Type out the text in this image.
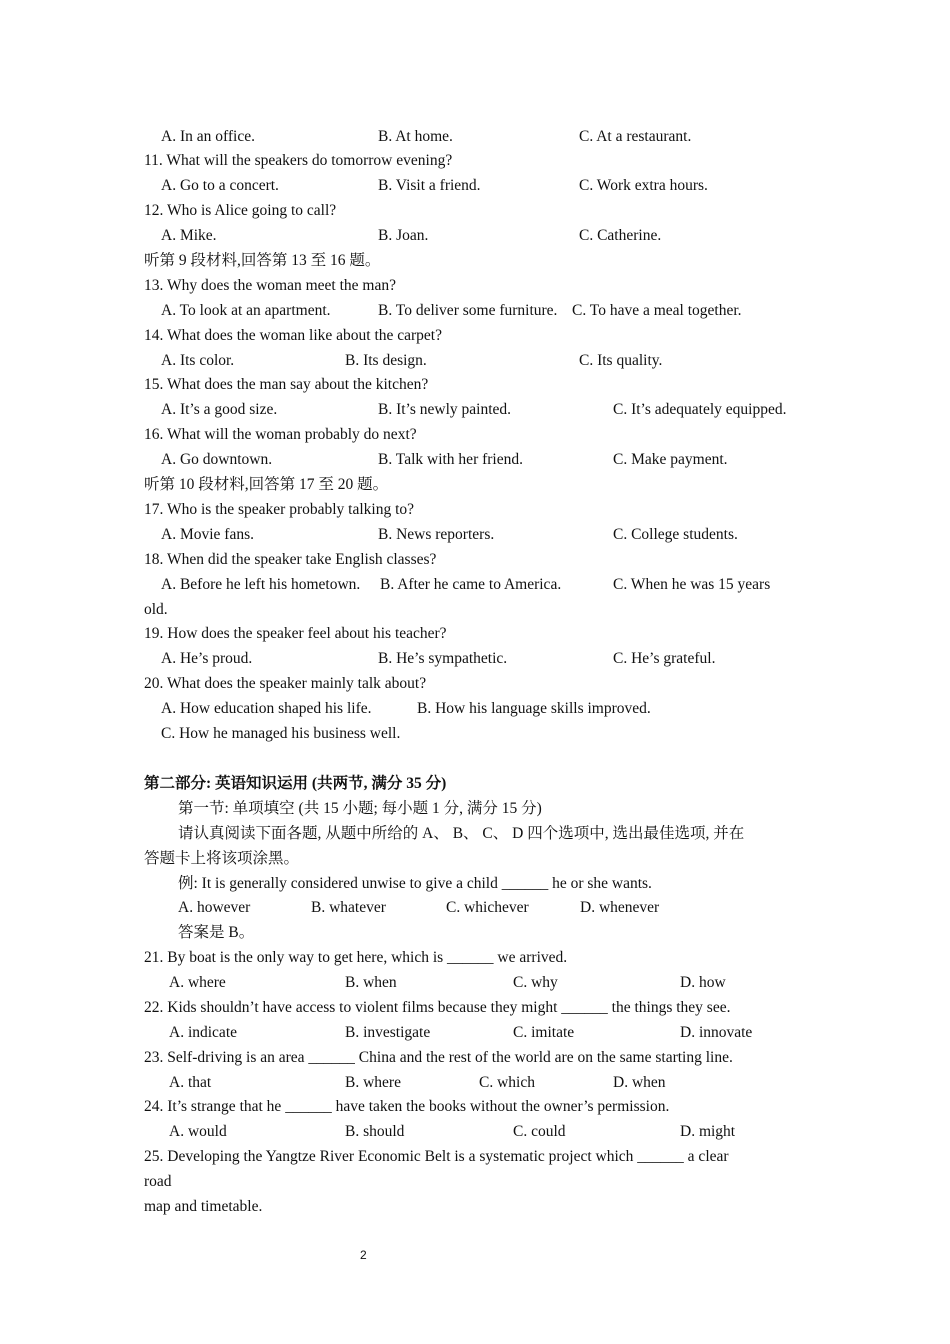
A. In an office.	B. At home.	C. At a restaurant.
11. What will the speakers do tomorrow evening?
A. Go to a concert.	B. Visit a friend.	C. Work extra hours.
12. Who is Alice going to call?
A. Mike.	B. Joan.	C. Catherine.
听第 9 段材料,回答第 13 至 16 题。
13. Why does the woman meet the man?
A. To look at an apartment.	B. To deliver some furniture. C. To have a meal together.
14. What does the woman like about the carpet?
A. Its color.	B. Its design.	C. Its quality.
15. What does the man say about the kitchen?
A. It’s a good size.	B. It’s newly painted.	C. It’s adequately equipped.
16. What will the woman probably do next?
A. Go downtown.	B. Talk with her friend.	C. Make payment.
听第 10 段材料,回答第 17 至 20 题。
17. Who is the speaker probably talking to?
A. Movie fans.	B. News reporters.	C. College students.
18. When did the speaker take English classes?
A. Before he left his hometown. B. After he came to America.	C. When he was 15 years
old.
19. How does the speaker feel about his teacher?
A. He’s proud.	B. He’s sympathetic.	C. He’s grateful.
20. What does the speaker mainly talk about?
A. How education shaped his life.	B. How his language skills improved.
C. How he managed his business well.
第二部分: 英语知识运用 (共两节, 满分 35 分)
第一节: 单项填空 (共 15 小题; 每小题 1 分, 满分 15 分)
请认真阅读下面各题, 从题中所给的 A、 B、 C、 D 四个选项中, 选出最佳选项, 并在
答题卡上将该项涂黑。
例: It is generally considered unwise to give a child ______ he or she wants.
A. however	B. whatever	C. whichever	D. whenever
答案是 B。
21. By boat is the only way to get here, which is ______ we arrived.
A. where	B. when	C. why	D. how
22. Kids shouldn’t have access to violent films because they might ______ the things they see.
A. indicate	B. investigate	C. imitate	D. innovate
23. Self-driving is an area ______ China and the rest of the world are on the same starting line.
A. that	B. where	C. which	D. when
24. It’s strange that he ______ have taken the books without the owner’s permission.
A. would	B. should	C. could	D. might
25. Developing the Yangtze River Economic Belt is a systematic project which ______ a clear
road
map and timetable.
2
